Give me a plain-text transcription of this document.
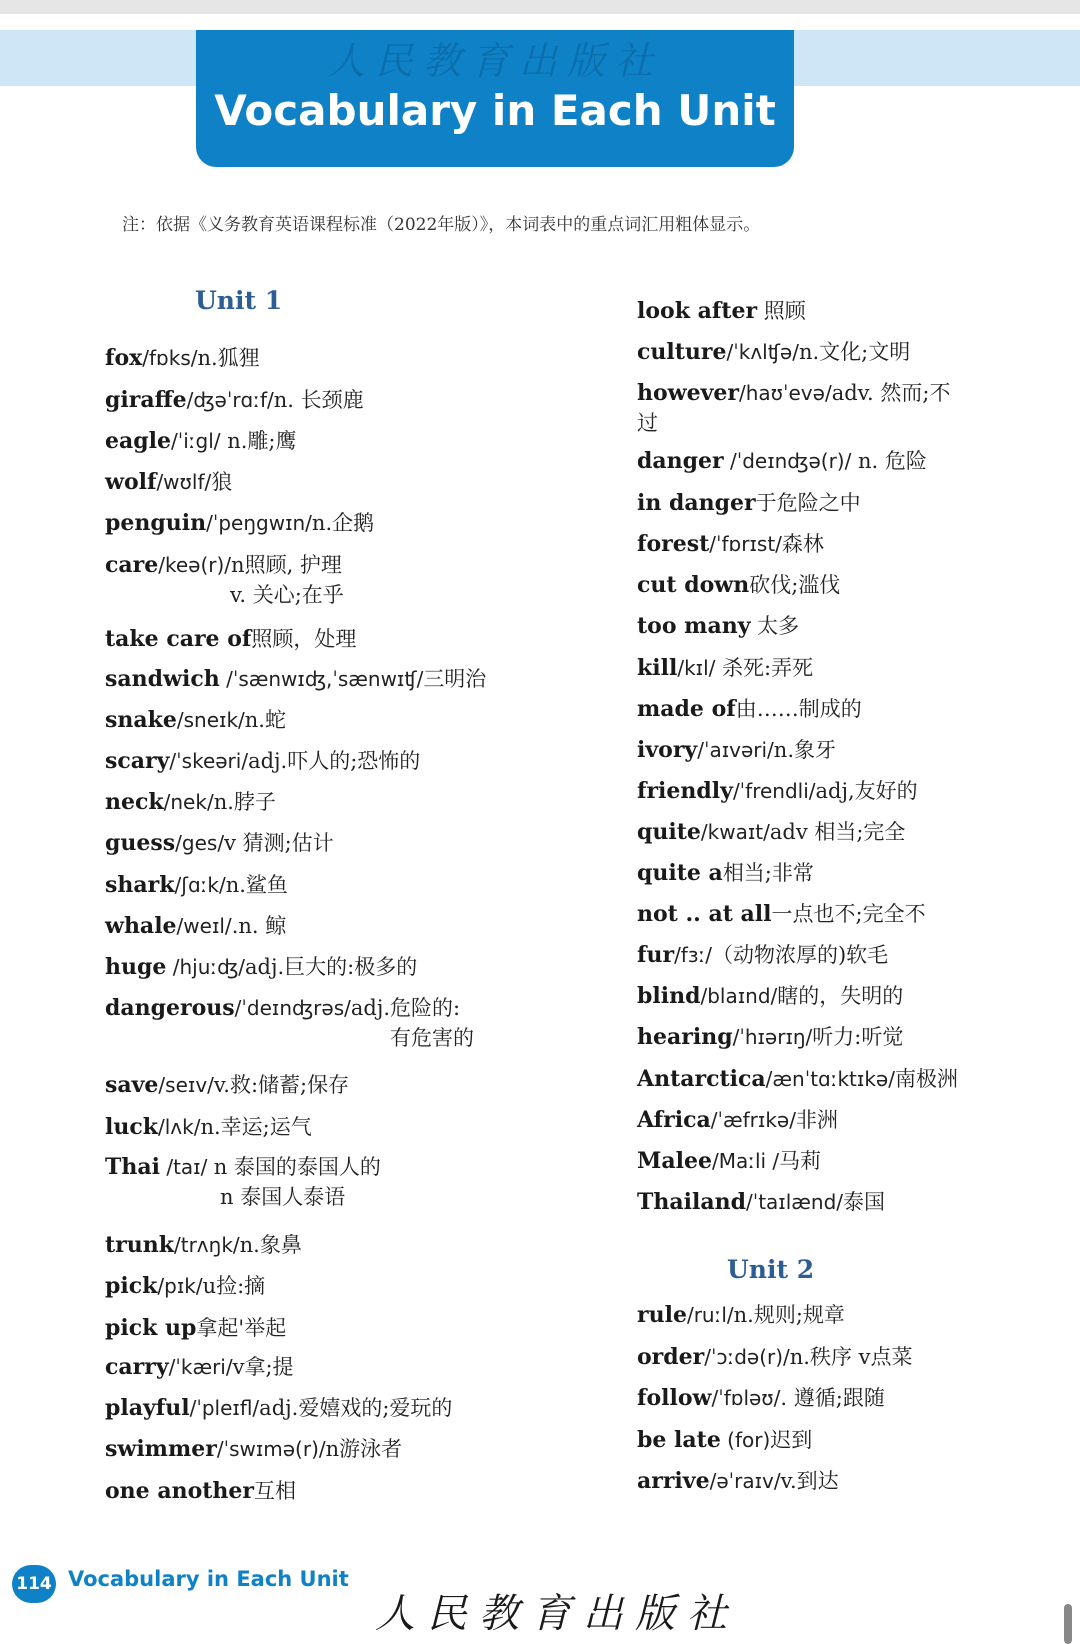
人民教育出版社
Vocabulary in Each Unit
注：依据《义务教育英语课程标准（2022年版）》，本词表中的重点词汇用粗体显示。
Unit 1
Unit 2
fox/fɒks/n.狐狸
giraffe/ʤəˈrɑːf/n. 长颈鹿
eagle/ˈiːgl/ n.雕;鹰
wolf/wʊlf/狼
penguin/ˈpeŋgwɪn/n.企鹅
care/keə(r)/n照顾, 护理
v. 关心;在乎
take care of照顾，处理
sandwich /ˈsænwɪʤ,ˈsænwɪʧ/三明治
snake/sneɪk/n.蛇
scary/ˈskeəri/adj.吓人的;恐怖的
neck/nek/n.脖子
guess/ges/v 猜测;估计
shark/ʃɑːk/n.鲨鱼
whale/weɪl/.n. 鲸
huge /hjuːʤ/adj.巨大的:极多的
dangerous/ˈdeɪnʤrəs/adj.危险的:
有危害的
save/seɪv/v.救:储蓄;保存
luck/lʌk/n.幸运;运气
Thai /taɪ/ n 泰国的泰国人的
n 泰国人泰语
trunk/trʌŋk/n.象鼻
pick/pɪk/u捡:摘
pick up拿起'举起
carry/ˈkæri/v拿;提
playful/ˈpleɪfl/adj.爱嬉戏的;爱玩的
swimmer/ˈswɪmə(r)/n游泳者
one another互相
look after 照顾
culture/ˈkʌlʧə/n.文化;文明
however/haʊˈevə/adv. 然而;不
过
danger /ˈdeɪnʤə(r)/ n. 危险
in danger于危险之中
forest/ˈfɒrɪst/森林
cut down砍伐;滥伐
too many 太多
kill/kɪl/ 杀死:弄死
made of由……制成的
ivory/ˈaɪvəri/n.象牙
friendly/ˈfrendli/adj,友好的
quite/kwaɪt/adv 相当;完全
quite a相当;非常
not .. at all一点也不;完全不
fur/fɜː/（动物浓厚的)软毛
blind/blaɪnd/瞎的，失明的
hearing/ˈhɪərɪŋ/听力:听觉
Antarctica/ænˈtɑːktɪkə/南极洲
Africa/ˈæfrɪkə/非洲
Malee/Maːli /马莉
Thailand/ˈtaɪlænd/泰国
rule/ruːl/n.规则;规章
order/ˈɔːdə(r)/n.秩序 v点菜
follow/ˈfɒləʊ/. 遵循;跟随
be late (for)迟到
arrive/əˈraɪv/v.到达
114 Vocabulary in Each Unit
人民教育出版社
